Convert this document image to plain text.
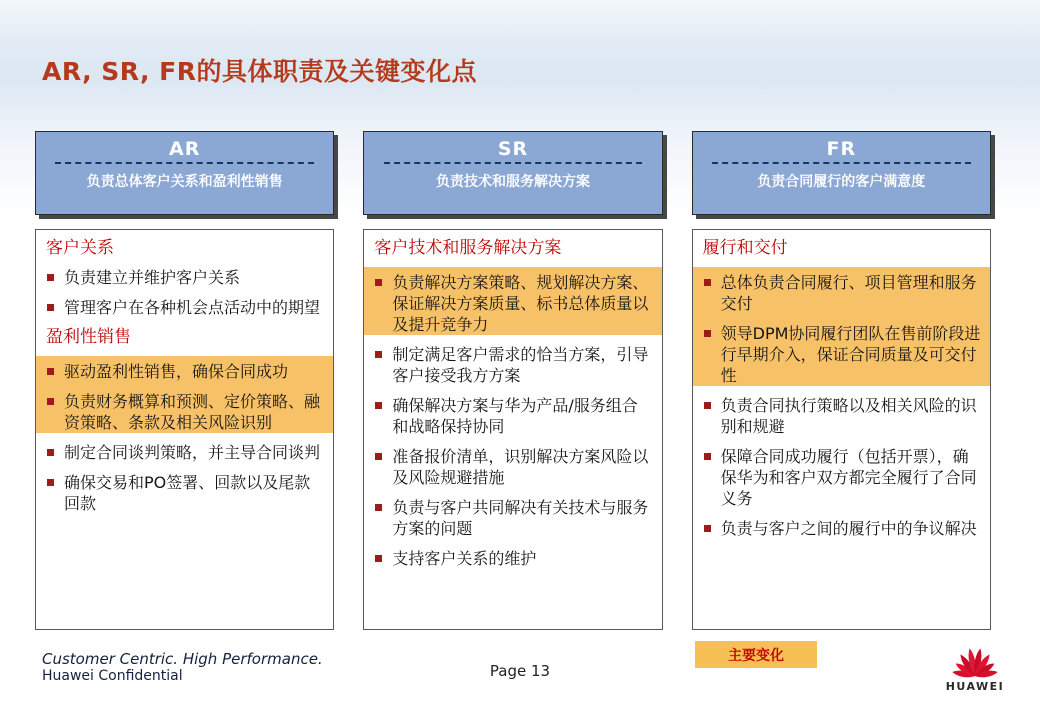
AR, SR, FR的具体职责及关键变化点
AR
负责总体客户关系和盈利性销售
客户关系
负责建立并维护客户关系
管理客户在各种机会点活动中的期望
盈利性销售
驱动盈利性销售，确保合同成功
负责财务概算和预测、定价策略、融资策略、条款及相关风险识别
制定合同谈判策略，并主导合同谈判
确保交易和PO签署、回款以及尾款回款
SR
负责技术和服务解决方案
客户技术和服务解决方案
负责解决方案策略、规划解决方案、保证解决方案质量、标书总体质量以及提升竞争力
制定满足客户需求的恰当方案，引导客户接受我方方案
确保解决方案与华为产品/服务组合和战略保持协同
准备报价清单，识别解决方案风险以及风险规避措施
负责与客户共同解决有关技术与服务方案的问题
支持客户关系的维护
FR
负责合同履行的客户满意度
履行和交付
总体负责合同履行、项目管理和服务交付
领导DPM协同履行团队在售前阶段进行早期介入，保证合同质量及可交付性
负责合同执行策略以及相关风险的识别和规避
保障合同成功履行（包括开票），确保华为和客户双方都完全履行了合同义务
负责与客户之间的履行中的争议解决
Customer Centric. High Performance.
Huawei Confidential	Page 13
主要变化
HUAWEI
